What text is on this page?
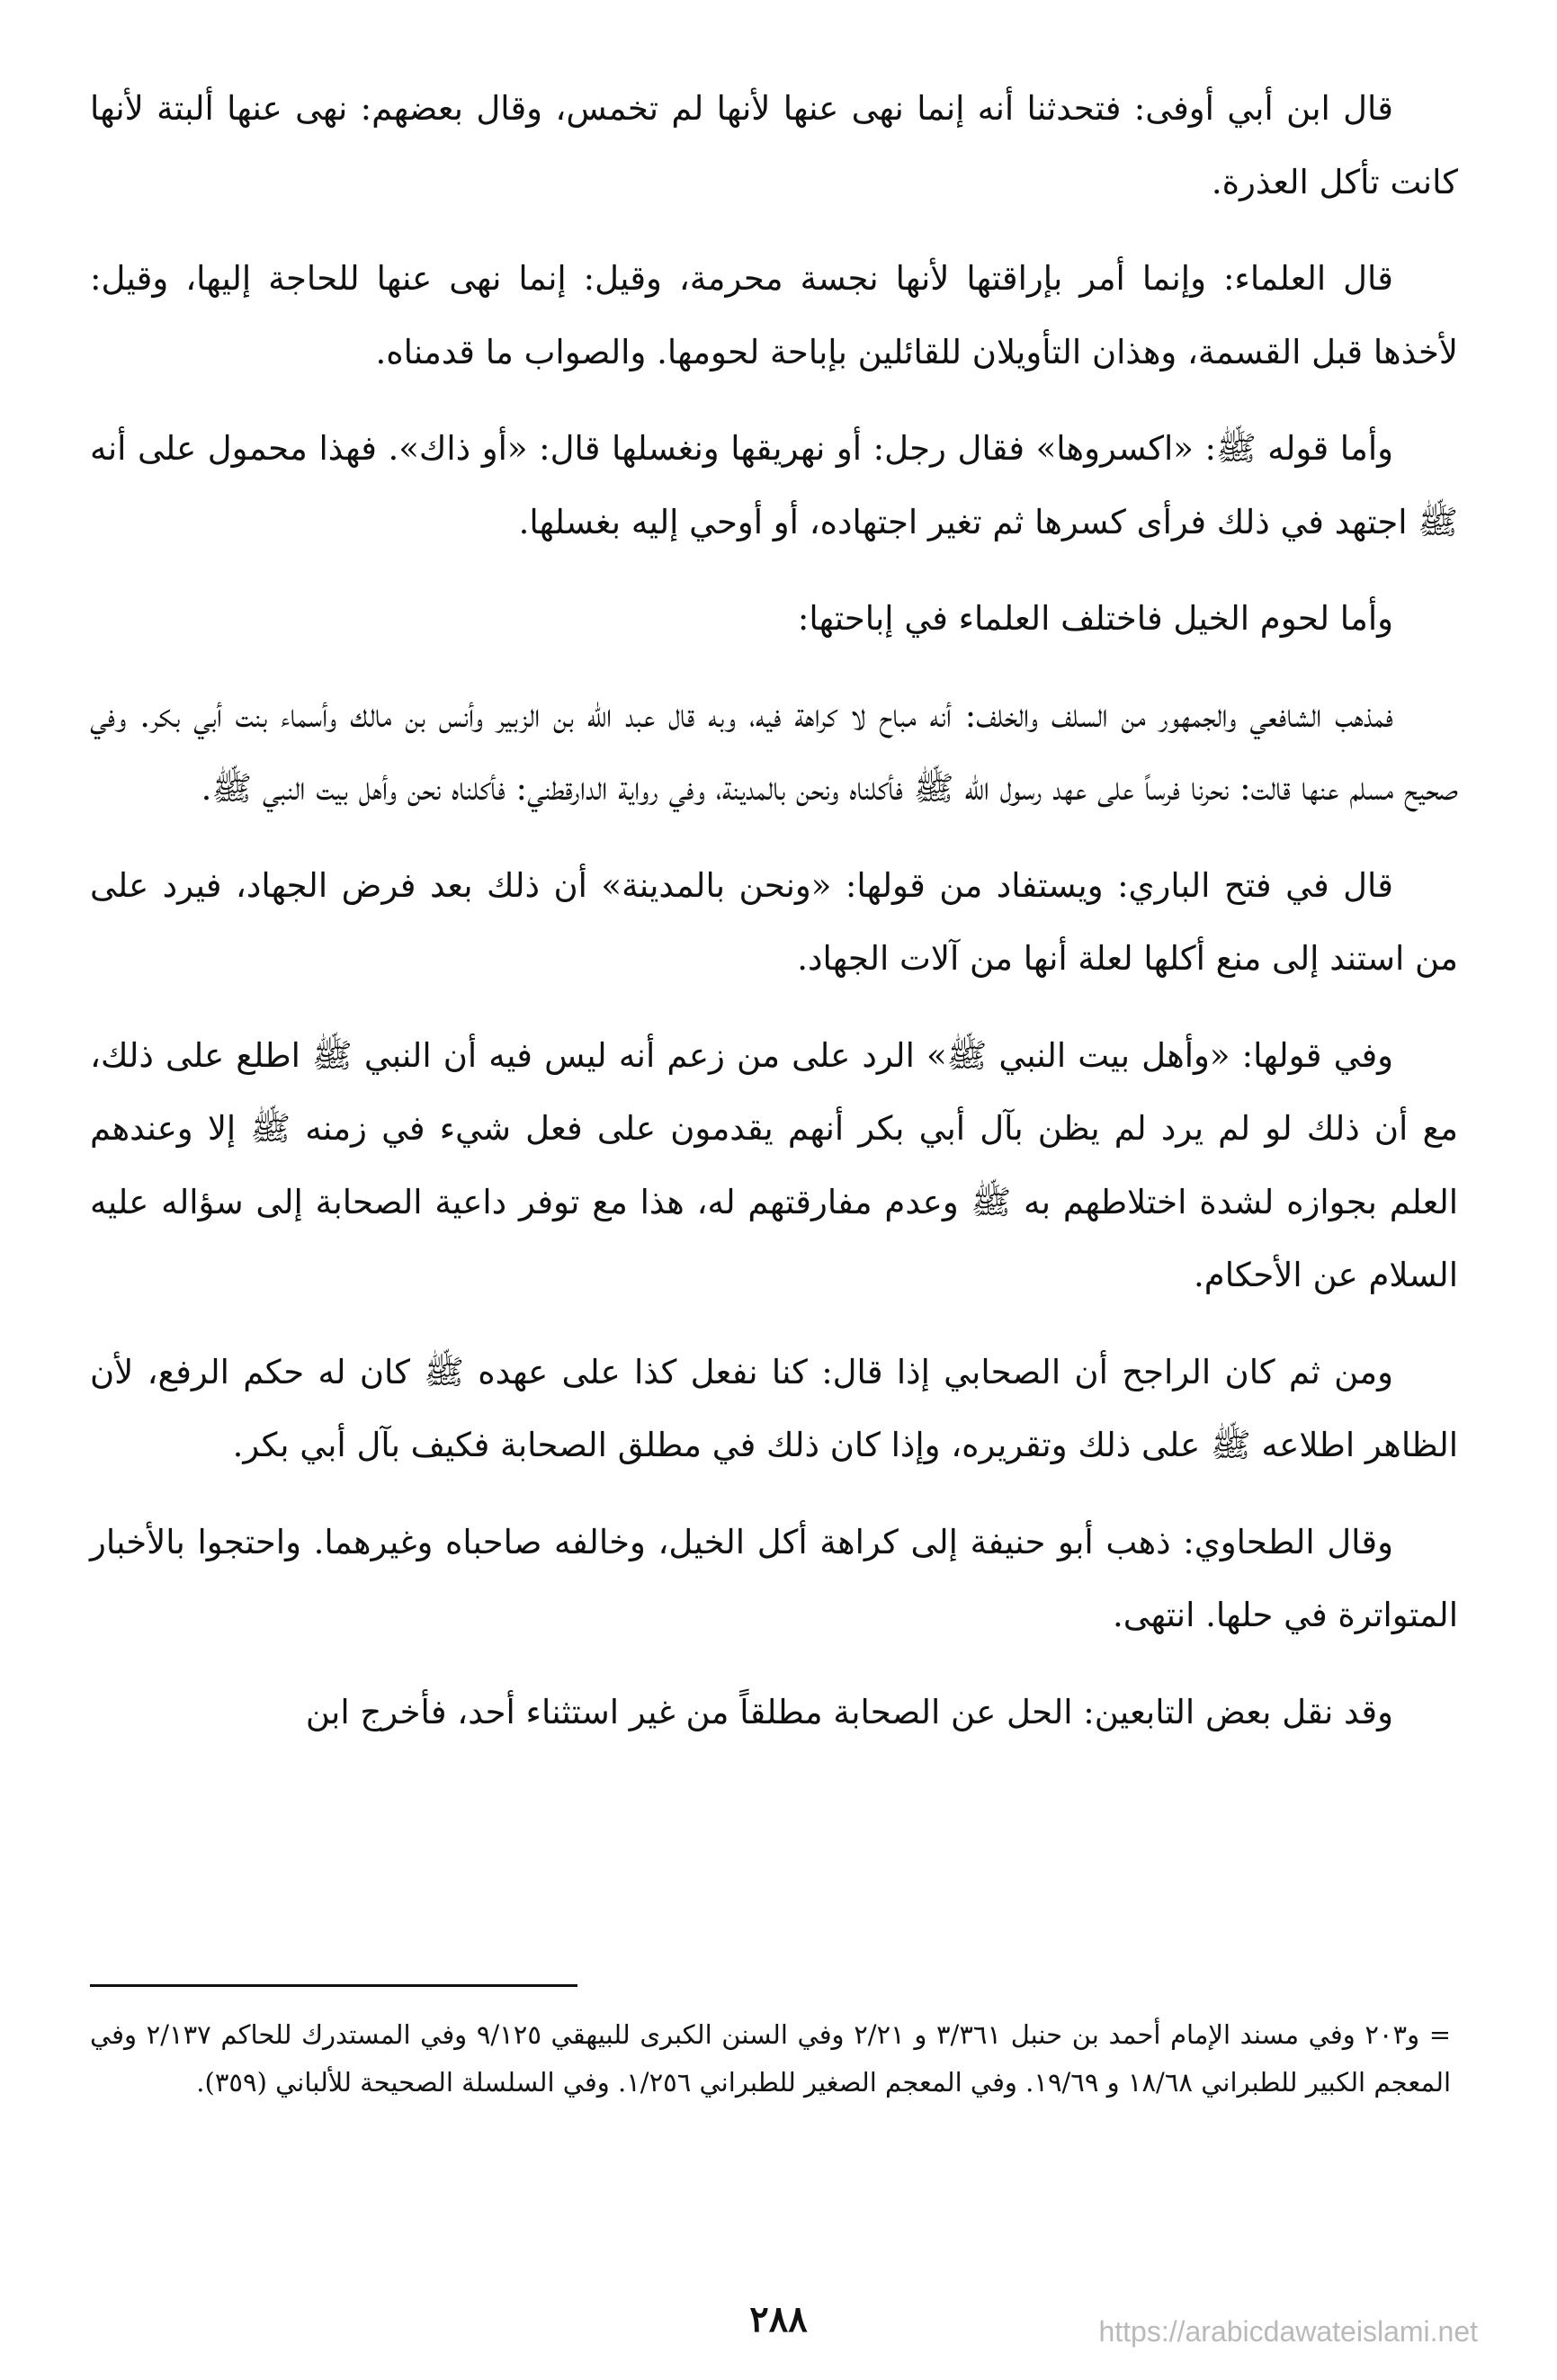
قال ابن أبي أوفى: فتحدثنا أنه إنما نهى عنها لأنها لم تخمس، وقال بعضهم: نهى عنها ألبتة لأنها كانت تأكل العذرة.

قال العلماء: وإنما أمر بإراقتها لأنها نجسة محرمة، وقيل: إنما نهى عنها للحاجة إليها، وقيل: لأخذها قبل القسمة، وهذان التأويلان للقائلين بإباحة لحومها. والصواب ما قدمناه.

وأما قوله ﷺ: «اكسروها» فقال رجل: أو نهريقها ونغسلها قال: «أو ذاك». فهذا محمول على أنه ﷺ اجتهد في ذلك فرأى كسرها ثم تغير اجتهاده، أو أوحي إليه بغسلها.

وأما لحوم الخيل فاختلف العلماء في إباحتها:

فمذهب الشافعي والجمهور من السلف والخلف: أنه مباح لا كراهة فيه، وبه قال عبد الله بن الزبير وأنس بن مالك وأسماء بنت أبي بكر. وفي صحيح مسلم عنها قالت: نحرنا فرساً على عهد رسول الله ﷺ فأكلناه ونحن بالمدينة، وفي رواية الدارقطني: فأكلناه نحن وأهل بيت النبي ﷺ.

قال في فتح الباري: ويستفاد من قولها: «ونحن بالمدينة» أن ذلك بعد فرض الجهاد، فيرد على من استند إلى منع أكلها لعلة أنها من آلات الجهاد.

وفي قولها: «وأهل بيت النبي ﷺ» الرد على من زعم أنه ليس فيه أن النبي ﷺ اطلع على ذلك، مع أن ذلك لو لم يرد لم يظن بآل أبي بكر أنهم يقدمون على فعل شيء في زمنه ﷺ إلا وعندهم العلم بجوازه لشدة اختلاطهم به ﷺ وعدم مفارقتهم له، هذا مع توفر داعية الصحابة إلى سؤاله عليه السلام عن الأحكام.

ومن ثم كان الراجح أن الصحابي إذا قال: كنا نفعل كذا على عهده ﷺ كان له حكم الرفع، لأن الظاهر اطلاعه ﷺ على ذلك وتقريره، وإذا كان ذلك في مطلق الصحابة فكيف بآل أبي بكر.

وقال الطحاوي: ذهب أبو حنيفة إلى كراهة أكل الخيل، وخالفه صاحباه وغيرهما. واحتجوا بالأخبار المتواترة في حلها. انتهى.

وقد نقل بعض التابعين: الحل عن الصحابة مطلقاً من غير استثناء أحد، فأخرج ابن

= و٢٠٣ وفي مسند الإمام أحمد بن حنبل ٣/٣٦١ و ٢/٢١ وفي السنن الكبرى للبيهقي ٩/١٢٥ وفي المستدرك للحاكم ٢/١٣٧ وفي المعجم الكبير للطبراني ١٨/٦٨ و ١٩/٦٩. وفي المعجم الصغير للطبراني ١/٢٥٦. وفي السلسلة الصحيحة للألباني (٣٥٩).

٢٨٨	https://arabicdawateislami.net
